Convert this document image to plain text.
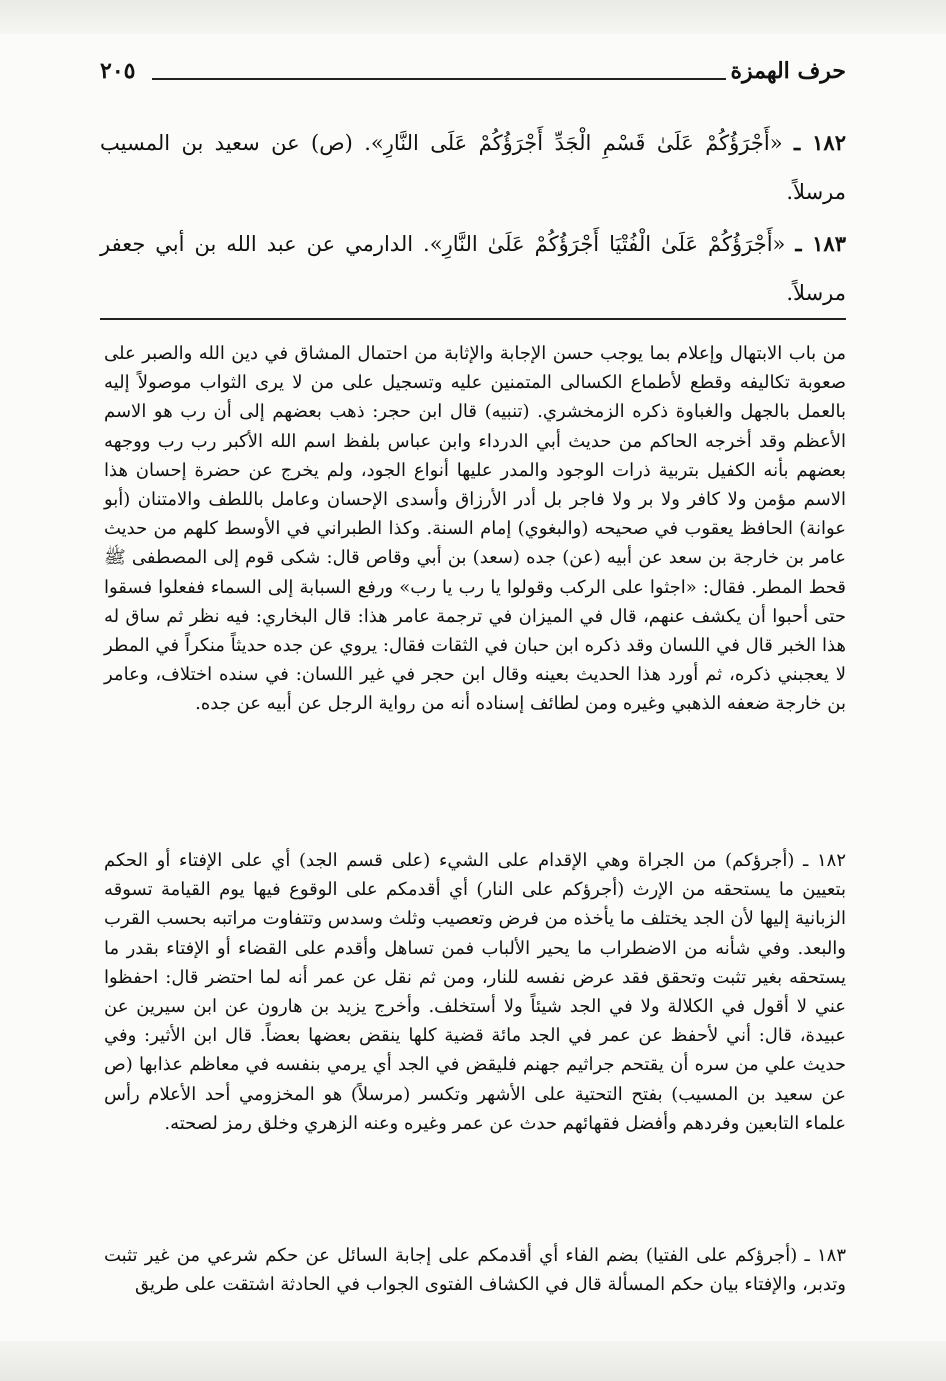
حرف الهمزة
٢٠٥
١٨٢ ـ «أَجْرَؤُكُمْ عَلَىٰ قَسْمِ الْجَدِّ أَجْرَؤُكُمْ عَلَى النَّارِ». (ص) عن سعيد بن المسيب مرسلاً.
١٨٣ ـ «أَجْرَؤُكُمْ عَلَىٰ الْفُتْيَا أَجْرَؤُكُمْ عَلَىٰ النَّارِ». الدارمي عن عبد الله بن أبي جعفر مرسلاً.

من باب الابتهال وإعلام بما يوجب حسن الإجابة والإثابة من احتمال المشاق في دين الله والصبر على صعوبة تكاليفه وقطع لأطماع الكسالى المتمنين عليه وتسجيل على من لا يرى الثواب موصولاً إليه بالعمل بالجهل والغباوة ذكره الزمخشري. (تنبيه) قال ابن حجر: ذهب بعضهم إلى أن رب هو الاسم الأعظم وقد أخرجه الحاكم من حديث أبي الدرداء وابن عباس بلفظ اسم الله الأكبر رب رب ووجهه بعضهم بأنه الكفيل بتربية ذرات الوجود والمدر عليها أنواع الجود، ولم يخرج عن حضرة إحسان هذا الاسم مؤمن ولا كافر ولا بر ولا فاجر بل أدر الأرزاق وأسدى الإحسان وعامل باللطف والامتنان (أبو عوانة) الحافظ يعقوب في صحيحه (والبغوي) إمام السنة. وكذا الطبراني في الأوسط كلهم من حديث عامر بن خارجة بن سعد عن أبيه (عن) جده (سعد) بن أبي وقاص قال: شكى قوم إلى المصطفى ﷺ قحط المطر. فقال: «اجثوا على الركب وقولوا يا رب يا رب» ورفع السبابة إلى السماء ففعلوا فسقوا حتى أحبوا أن يكشف عنهم، قال في الميزان في ترجمة عامر هذا: قال البخاري: فيه نظر ثم ساق له هذا الخبر قال في اللسان وقد ذكره ابن حبان في الثقات فقال: يروي عن جده حديثاً منكراً في المطر لا يعجبني ذكره، ثم أورد هذا الحديث بعينه وقال ابن حجر في غير اللسان: في سنده اختلاف، وعامر بن خارجة ضعفه الذهبي وغيره ومن لطائف إسناده أنه من رواية الرجل عن أبيه عن جده.

١٨٢ ـ (أجرؤكم) من الجراة وهي الإقدام على الشيء (على قسم الجد) أي على الإفتاء أو الحكم بتعيين ما يستحقه من الإرث (أجرؤكم على النار) أي أقدمكم على الوقوع فيها يوم القيامة تسوقه الزبانية إليها لأن الجد يختلف ما يأخذه من فرض وتعصيب وثلث وسدس وتتفاوت مراتبه بحسب القرب والبعد. وفي شأنه من الاضطراب ما يحير الألباب فمن تساهل وأقدم على القضاء أو الإفتاء بقدر ما يستحقه بغير تثبت وتحقق فقد عرض نفسه للنار، ومن ثم نقل عن عمر أنه لما احتضر قال: احفظوا عني لا أقول في الكلالة ولا في الجد شيئاً ولا أستخلف. وأخرج يزيد بن هارون عن ابن سيرين عن عبيدة، قال: أني لأحفظ عن عمر في الجد مائة قضية كلها ينقض بعضها بعضاً. قال ابن الأثير: وفي حديث علي من سره أن يقتحم جراثيم جهنم فليقض في الجد أي يرمي بنفسه في معاظم عذابها (ص عن سعيد بن المسيب) بفتح التحتية على الأشهر وتكسر (مرسلاً) هو المخزومي أحد الأعلام رأس علماء التابعين وفردهم وأفضل فقهائهم حدث عن عمر وغيره وعنه الزهري وخلق رمز لصحته.

١٨٣ ـ (أجرؤكم على الفتيا) بضم الفاء أي أقدمكم على إجابة السائل عن حكم شرعي من غير تثبت وتدبر، والإفتاء بيان حكم المسألة قال في الكشاف الفتوى الجواب في الحادثة اشتقت على طريق
